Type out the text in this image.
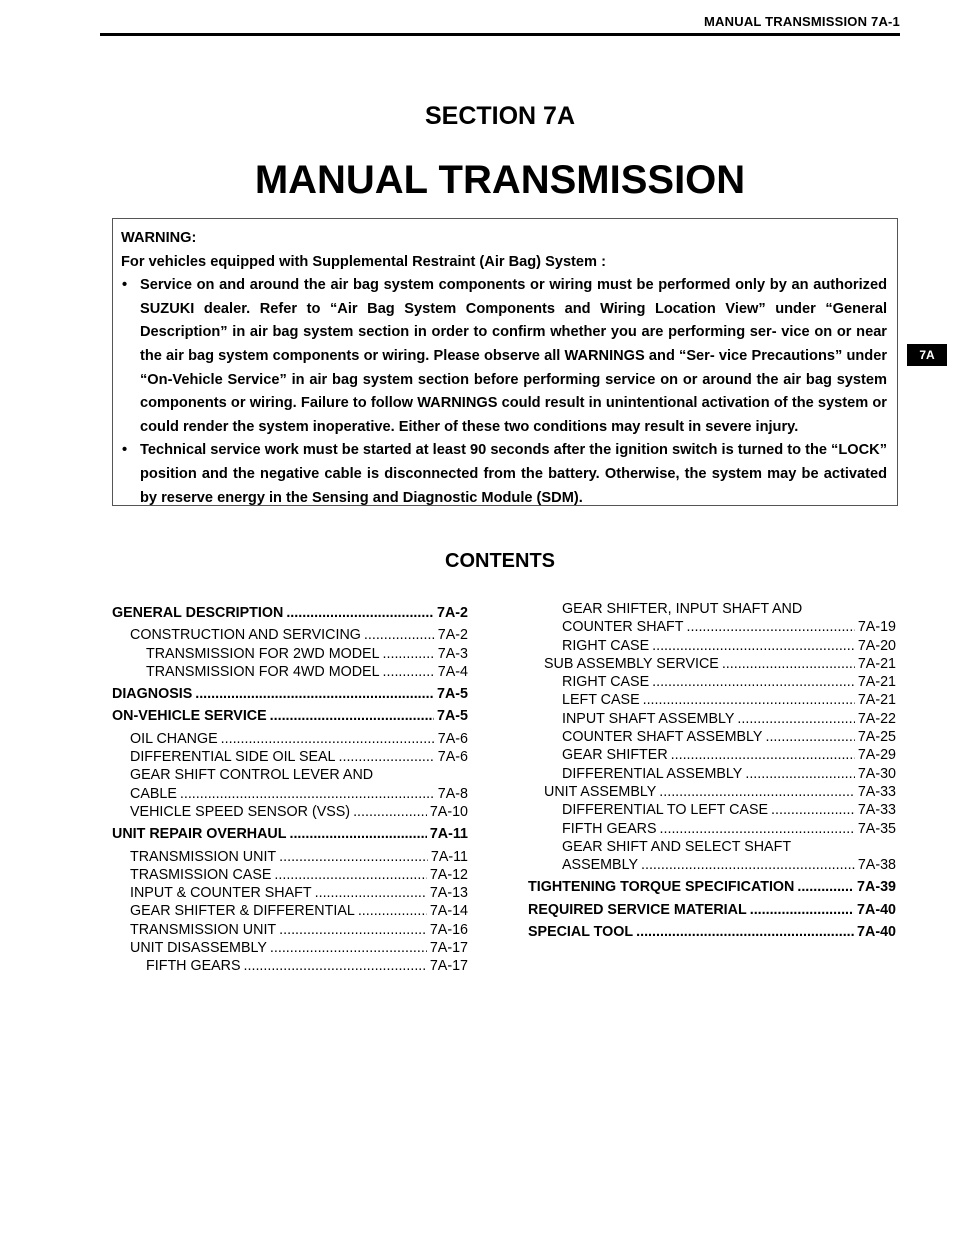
MANUAL TRANSMISSION 7A-1
SECTION 7A
MANUAL TRANSMISSION
7A

WARNING:

For vehicles equipped with Supplemental Restraint (Air Bag) System :

• Service on and around the air bag system components or wiring must be performed only by an authorized SUZUKI dealer. Refer to “Air Bag System Components and Wiring Location View” under “General Description” in air bag system section in order to confirm whether you are performing ser- vice on or near the air bag system components or wiring. Please observe all WARNINGS and “Ser- vice Precautions” under “On-Vehicle Service” in air bag system section before performing service on or around the air bag system components or wiring. Failure to follow WARNINGS could result in unintentional activation of the system or could render the system inoperative. Either of these two conditions may result in severe injury.
• Technical service work must be started at least 90 seconds after the ignition switch is turned to the “LOCK” position and the negative cable is disconnected from the battery. Otherwise, the system may be activated by reserve energy in the Sensing and Diagnostic Module (SDM).
CONTENTS
GENERAL DESCRIPTION .....	7A-2
CONSTRUCTION AND SERVICING .....	7A-2
TRANSMISSION FOR 2WD MODEL .....	7A-3
TRANSMISSION FOR 4WD MODEL .....	7A-4
DIAGNOSIS .....	7A-5
ON-VEHICLE SERVICE .....	7A-5
OIL CHANGE .....	7A-6
DIFFERENTIAL SIDE OIL SEAL .....	7A-6
GEAR SHIFT CONTROL LEVER AND
CABLE .....	7A-8
VEHICLE SPEED SENSOR (VSS) .....	7A-10
UNIT REPAIR OVERHAUL .....	7A-11
TRANSMISSION UNIT .....	7A-11
TRASMISSION CASE .....	7A-12
INPUT & COUNTER SHAFT .....	7A-13
GEAR SHIFTER & DIFFERENTIAL .....	7A-14
TRANSMISSION UNIT .....	7A-16
UNIT DISASSEMBLY .....	7A-17
FIFTH GEARS .....	7A-17
GEAR SHIFTER, INPUT SHAFT AND
COUNTER SHAFT .....	7A-19
RIGHT CASE .....	7A-20
SUB ASSEMBLY SERVICE .....	7A-21
RIGHT CASE .....	7A-21
LEFT CASE .....	7A-21
INPUT SHAFT ASSEMBLY .....	7A-22
COUNTER SHAFT ASSEMBLY .....	7A-25
GEAR SHIFTER .....	7A-29
DIFFERENTIAL ASSEMBLY .....	7A-30
UNIT ASSEMBLY .....	7A-33
DIFFERENTIAL TO LEFT CASE .....	7A-33
FIFTH GEARS .....	7A-35
GEAR SHIFT AND SELECT SHAFT
ASSEMBLY .....	7A-38
TIGHTENING TORQUE SPECIFICATION .....	7A-39
REQUIRED SERVICE MATERIAL .....	7A-40
SPECIAL TOOL .....	7A-40
